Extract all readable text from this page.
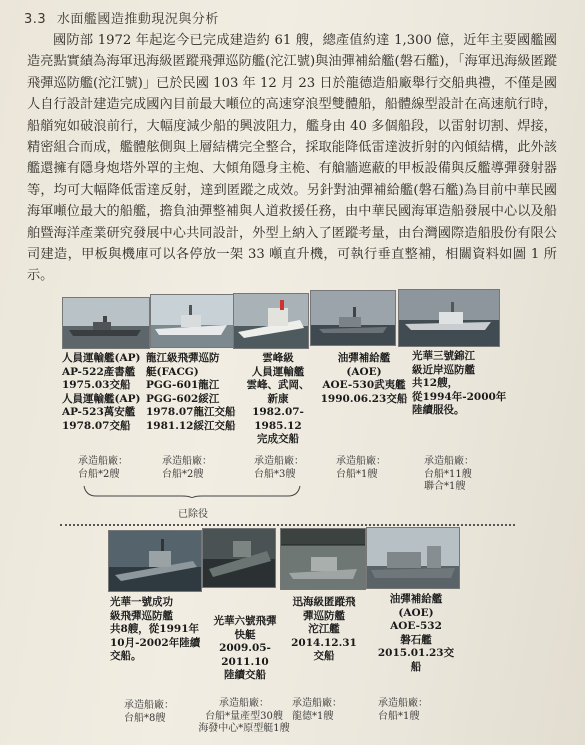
3.3 水面艦國造推動現況與分析
國防部 1972 年起迄今已完成建造約 61 艘，總產值約達 1,300 億，近年主要國艦國造亮點實績為海軍迅海級匿蹤飛彈巡防艦(沱江號)與油彈補給艦(磐石艦)，「海軍迅海級匿蹤飛彈巡防艦(沱江號)」已於民國 103 年 12 月 23 日於龍德造船廠舉行交船典禮，不僅是國人自行設計建造完成國內目前最大噸位的高速穿浪型雙體船，船體線型設計在高速航行時，船艏宛如破浪前行，大幅度減少船的興波阻力，艦身由 40 多個船段，以雷射切割、焊接，精密組合而成，艦體舷側與上層結構完全整合，採取能降低雷達波折射的內傾結構，此外該艦還擁有隱身炮塔外罩的主炮、大傾角隱身主桅、有艙牆遮蔽的甲板設備與反艦導彈發射器等，均可大幅降低雷達反射，達到匿蹤之成效。另針對油彈補給艦(磐石艦)為目前中華民國海軍噸位最大的船艦，擔負油彈整補與人道救援任務，由中華民國海軍造船發展中心以及船舶暨海洋產業研究發展中心共同設計，外型上納入了匿蹤考量，由台灣國際造船股份有限公司建造，甲板與機庫可以各停放一架 33 噸直升機，可執行垂直整補，相關資料如圖 1 所示。
人員運輸艦(AP)
AP-522產書艦
1975.03交船
人員運輸艦(AP)
AP-523萬安艦
1978.07交船
龍江級飛彈巡防
艇(FACG)
PGG-601龍江
PGG-602綏江
1978.07龍江交船
1981.12綏江交船
雲峰級
人員運輸艦
雲峰、武岡、
新康
1982.07-
1985.12
完成交船
油彈補給艦
(AOE)
AOE-530武夷艦
1990.06.23交船
光華三號錦江
級近岸巡防艦
共12艘，
從1994年-2000年
陸續服役。
承造船廠：
台船*2艘
承造船廠：
台船*2艘
承造船廠：
台船*3艘
承造船廠：
台船*1艘
承造船廠：
台船*11艘
聯合*1艘
已除役
光華一號成功
級飛彈巡防艦
共8艘，從1991年
10月-2002年陸續
交船。
光華六號飛彈
快艇
2009.05-
2011.10
陸續交船
迅海級匿蹤飛
彈巡防艦
沱江艦
2014.12.31
交船
油彈補給艦
(AOE)
AOE-532
磐石艦
2015.01.23交
船
承造船廠：
台船*8艘
承造船廠：
台船*量產型30艘
海發中心*原型艇1艘
承造船廠：
龍德*1艘
承造船廠：
台船*1艘
